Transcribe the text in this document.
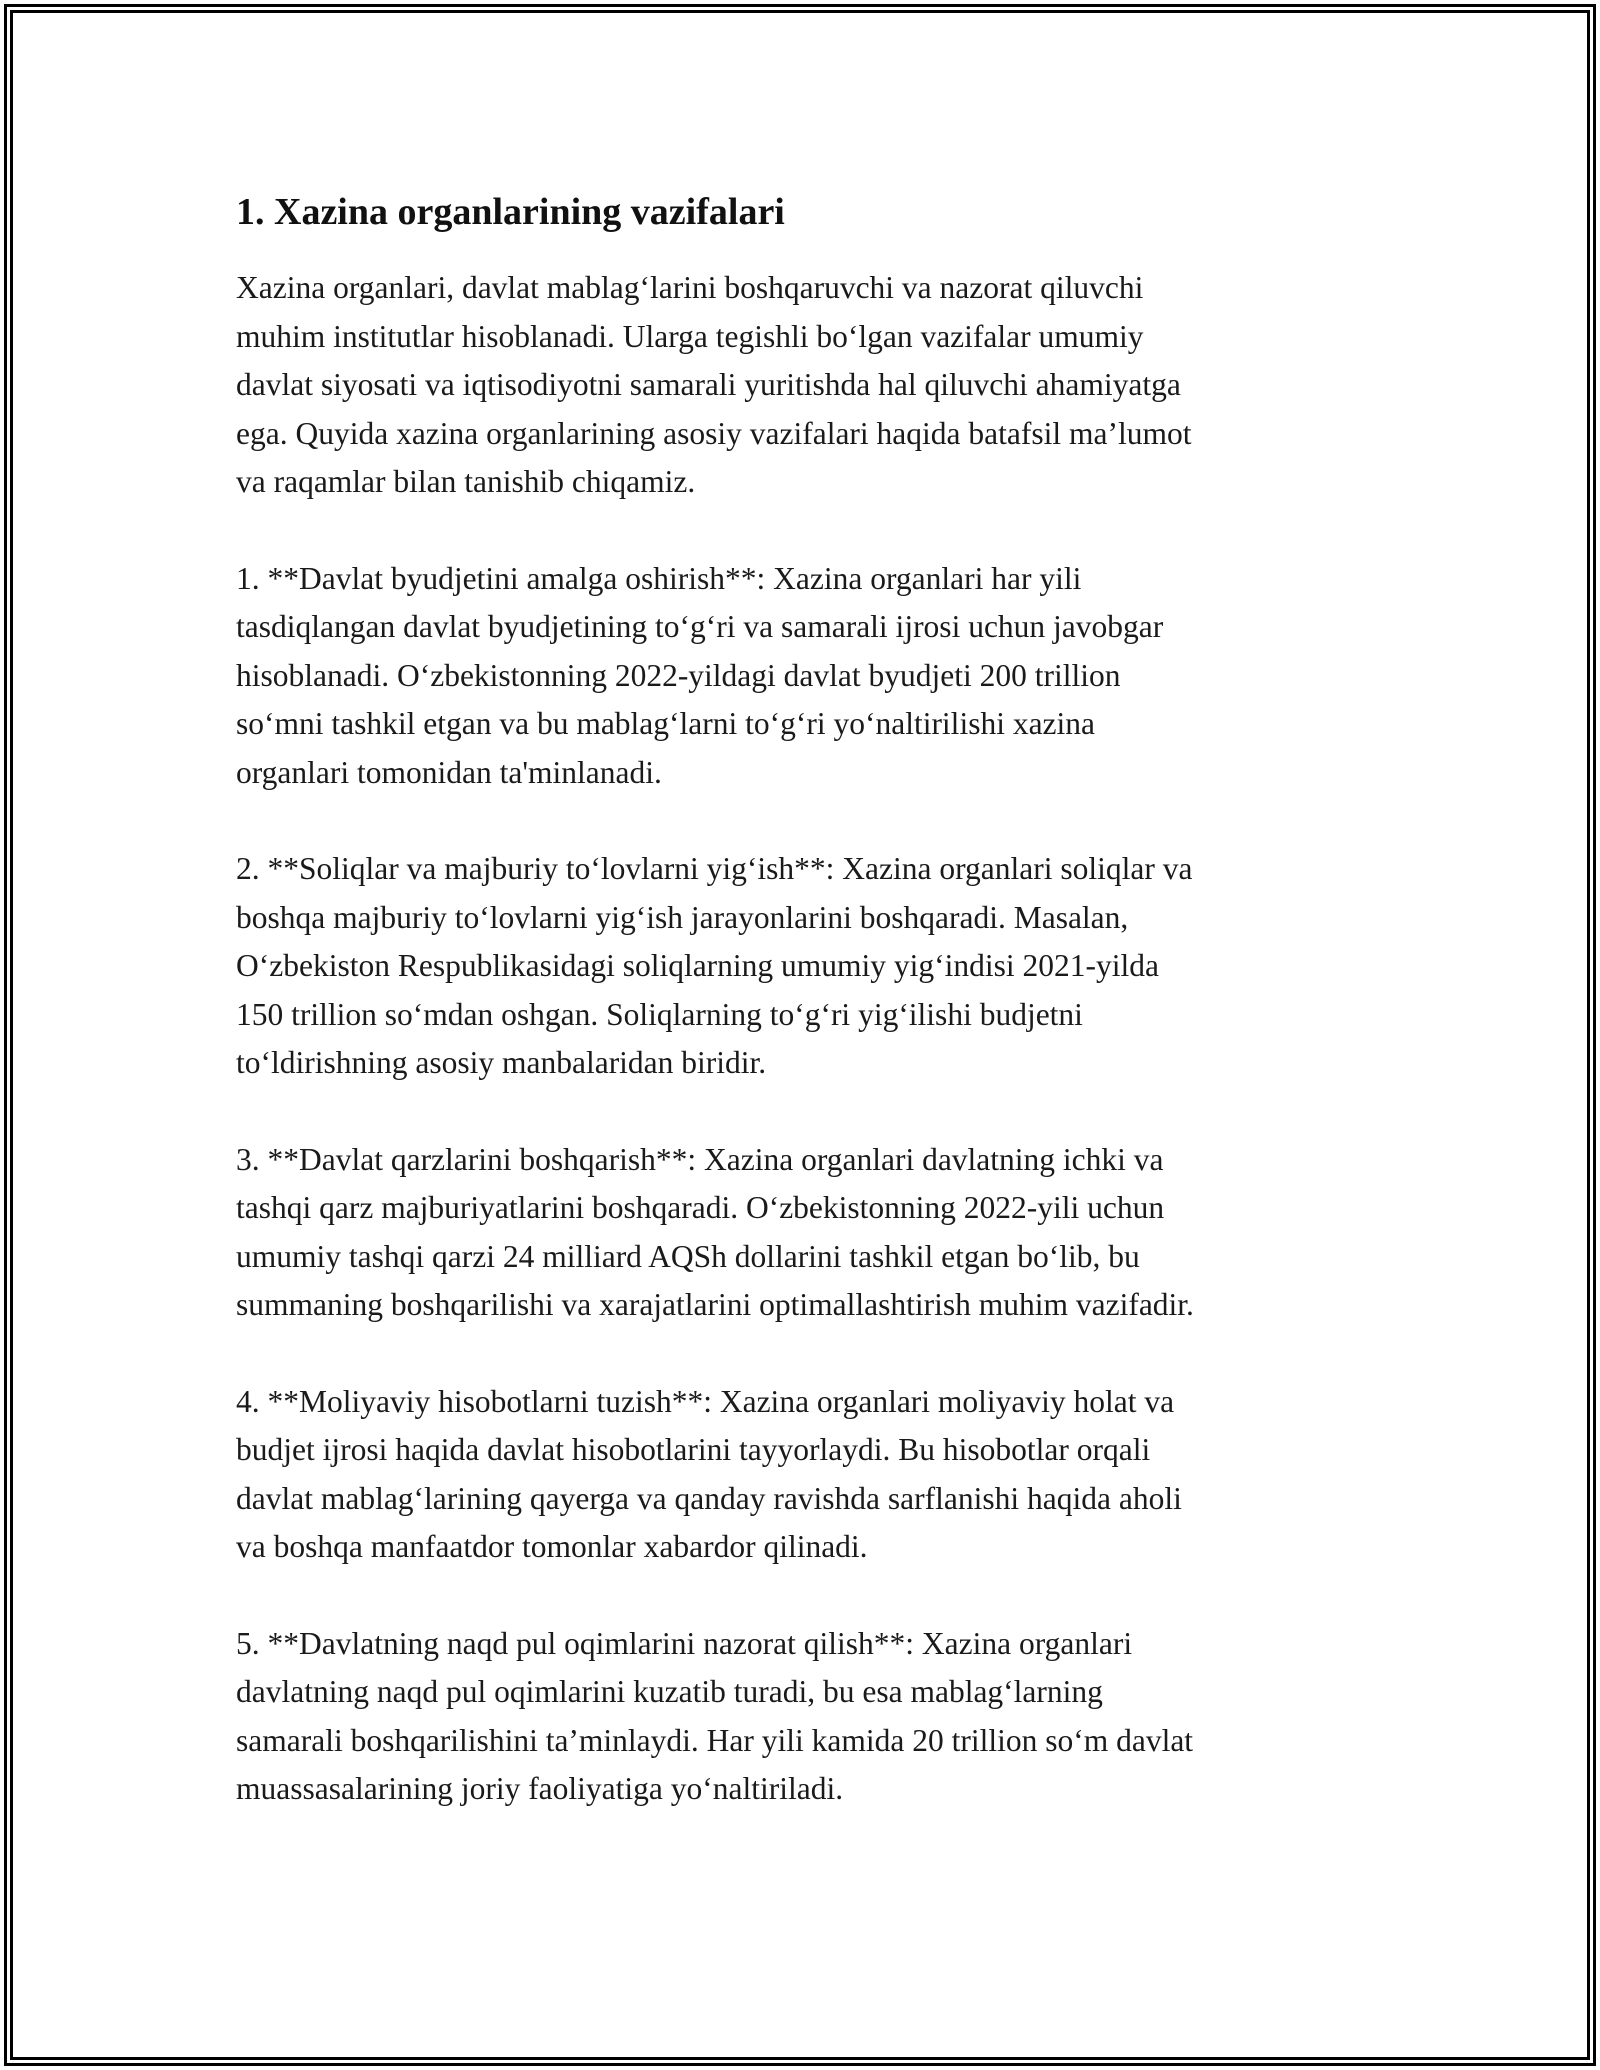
1. Xazina organlarining vazifalari

Xazina organlari, davlat mablag‘larini boshqaruvchi va nazorat qiluvchi
muhim institutlar hisoblanadi. Ularga tegishli bo‘lgan vazifalar umumiy
davlat siyosati va iqtisodiyotni samarali yuritishda hal qiluvchi ahamiyatga
ega. Quyida xazina organlarining asosiy vazifalari haqida batafsil ma’lumot
va raqamlar bilan tanishib chiqamiz.

1. **Davlat byudjetini amalga oshirish**: Xazina organlari har yili
tasdiqlangan davlat byudjetining to‘g‘ri va samarali ijrosi uchun javobgar
hisoblanadi. O‘zbekistonning 2022-yildagi davlat byudjeti 200 trillion
so‘mni tashkil etgan va bu mablag‘larni to‘g‘ri yo‘naltirilishi xazina
organlari tomonidan ta'minlanadi.

2. **Soliqlar va majburiy to‘lovlarni yig‘ish**: Xazina organlari soliqlar va
boshqa majburiy to‘lovlarni yig‘ish jarayonlarini boshqaradi. Masalan,
O‘zbekiston Respublikasidagi soliqlarning umumiy yig‘indisi 2021-yilda
150 trillion so‘mdan oshgan. Soliqlarning to‘g‘ri yig‘ilishi budjetni
to‘ldirishning asosiy manbalaridan biridir.

3. **Davlat qarzlarini boshqarish**: Xazina organlari davlatning ichki va
tashqi qarz majburiyatlarini boshqaradi. O‘zbekistonning 2022-yili uchun
umumiy tashqi qarzi 24 milliard AQSh dollarini tashkil etgan bo‘lib, bu
summaning boshqarilishi va xarajatlarini optimallashtirish muhim vazifadir.

4. **Moliyaviy hisobotlarni tuzish**: Xazina organlari moliyaviy holat va
budjet ijrosi haqida davlat hisobotlarini tayyorlaydi. Bu hisobotlar orqali
davlat mablag‘larining qayerga va qanday ravishda sarflanishi haqida aholi
va boshqa manfaatdor tomonlar xabardor qilinadi.

5. **Davlatning naqd pul oqimlarini nazorat qilish**: Xazina organlari
davlatning naqd pul oqimlarini kuzatib turadi, bu esa mablag‘larning
samarali boshqarilishini ta’minlaydi. Har yili kamida 20 trillion so‘m davlat
muassasalarining joriy faoliyatiga yo‘naltiriladi.
